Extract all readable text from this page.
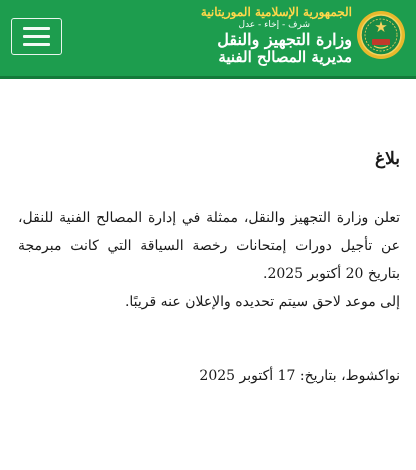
الجمهورية الإسلامية الموريتانية
شرف - إخاء - عدل
وزارة التجهيز والنقل
مديرية المصالح الفنية
بلاغ

تعلن وزارة التجهيز والنقل، ممثلة في إدارة المصالح الفنية للنقل، عن تأجيل دورات إمتحانات رخصة السياقة التي كانت مبرمجة بتاريخ 20 أكتوبر 2025.

إلى موعد لاحق سيتم تحديده والإعلان عنه قريبًا.

نواكشوط، بتاريخ: 17 أكتوبر 2025
